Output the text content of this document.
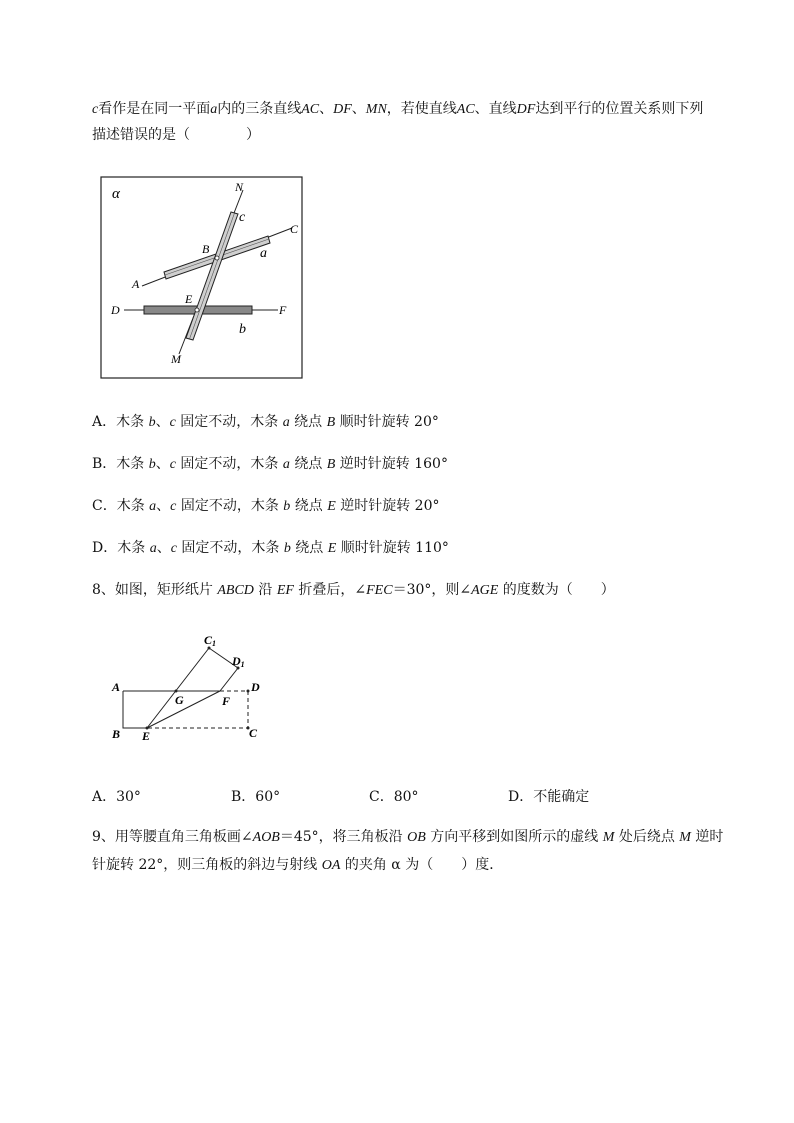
c看作是在同一平面a内的三条直线AC、DF、MN，若使直线AC、直线DF达到平行的位置关系则下列
描述错误的是（　　　　）
α	N
c
C
B	a
A
E
D	F
b
M
A．木条 b、c 固定不动，木条 a 绕点 B 顺时针旋转 20°
B．木条 b、c 固定不动，木条 a 绕点 B 逆时针旋转 160°
C．木条 a、c 固定不动，木条 b 绕点 E 逆时针旋转 20°
D．木条 a、c 固定不动，木条 b 绕点 E 顺时针旋转 110°
8、如图，矩形纸片 ABCD 沿 EF 折叠后，∠FEC＝30°，则∠AGE 的度数为（　　）
C1
D1
A
G	F
D
B E	C
A．30°	B．60°	C．80°	D．不能确定
9、用等腰直角三角板画∠AOB＝45°，将三角板沿 OB 方向平移到如图所示的虚线 M 处后绕点 M 逆时
针旋转 22°，则三角板的斜边与射线 OA 的夹角 α 为（　　）度．
